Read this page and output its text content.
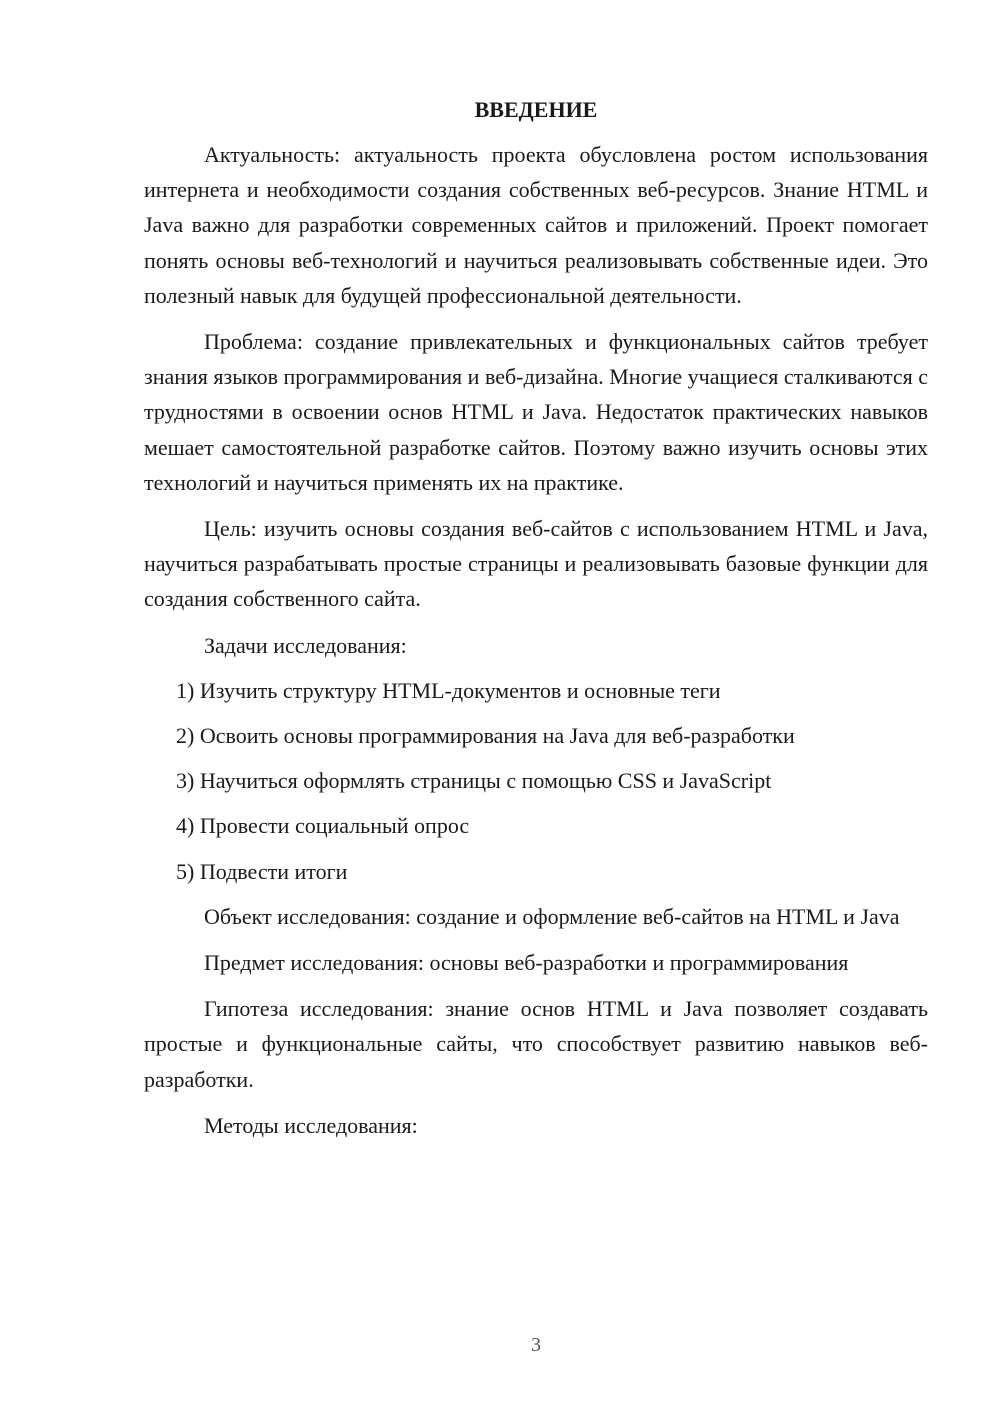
ВВЕДЕНИЕ

Актуальность: актуальность проекта обусловлена ростом использования интернета и необходимости создания собственных веб-ресурсов. Знание HTML и Java важно для разработки современных сайтов и приложений. Проект помогает понять основы веб-технологий и научиться реализовывать собственные идеи. Это полезный навык для будущей профессиональной деятельности.

Проблема: создание привлекательных и функциональных сайтов требует знания языков программирования и веб-дизайна. Многие учащиеся сталкиваются с трудностями в освоении основ HTML и Java. Недостаток практических навыков мешает самостоятельной разработке сайтов. Поэтому важно изучить основы этих технологий и научиться применять их на практике.

Цель: изучить основы создания веб-сайтов с использованием HTML и Java, научиться разрабатывать простые страницы и реализовывать базовые функции для создания собственного сайта.

Задачи исследования:

1) Изучить структуру HTML-документов и основные теги
2) Освоить основы программирования на Java для веб-разработки
3) Научиться оформлять страницы с помощью CSS и JavaScript
4) Провести социальный опрос
5) Подвести итоги

Объект исследования: создание и оформление веб-сайтов на HTML и Java

Предмет исследования: основы веб-разработки и программирования

Гипотеза исследования: знание основ HTML и Java позволяет создавать простые и функциональные сайты, что способствует развитию навыков веб-разработки.

Методы исследования:

3
